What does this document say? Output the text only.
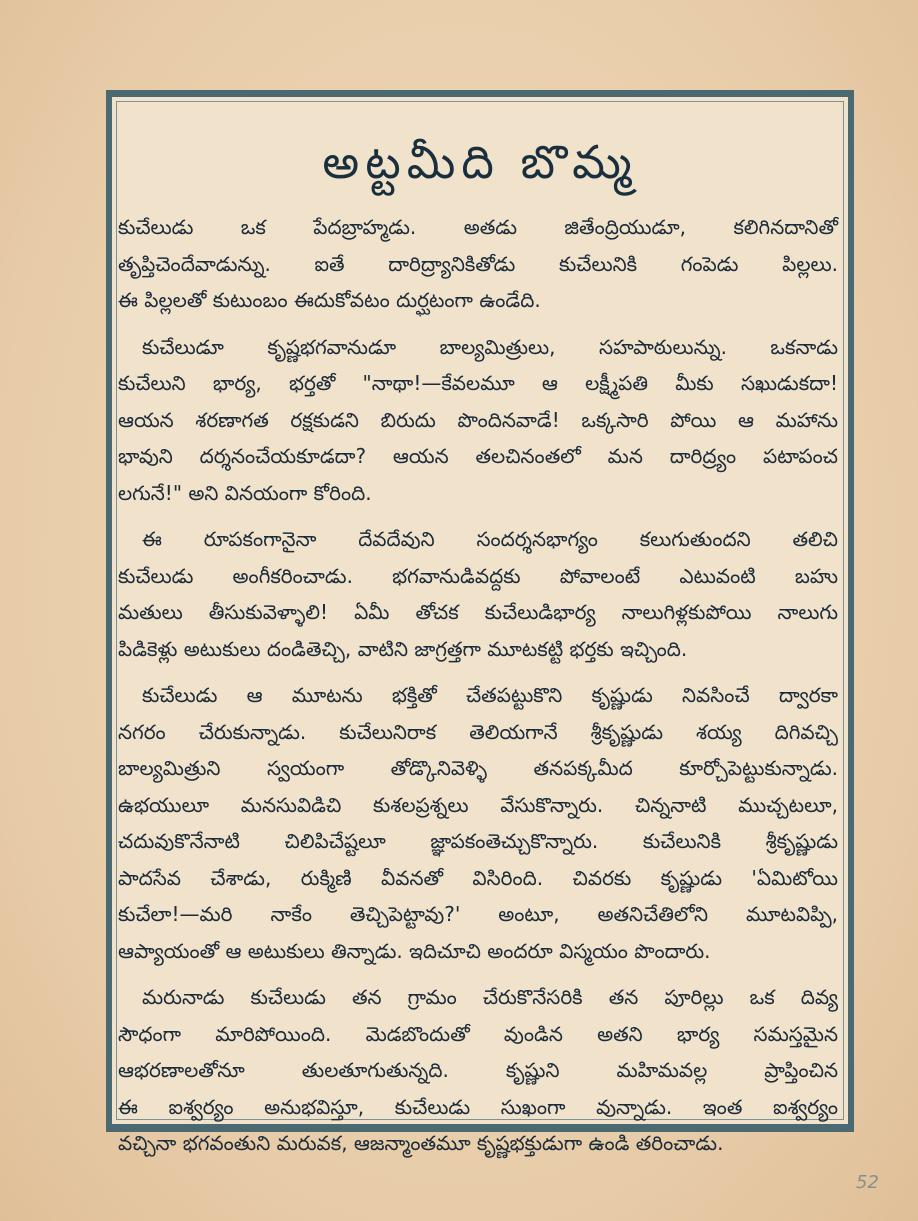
అట్టమీది బొమ్మ
కుచేలుడు ఒక పేదబ్రాహ్మడు. అతడు జితేంద్రియుడూ, కలిగినదానితో
తృప్తిచెందేవాడున్ను. ఐతే దారిద్ర్యానికితోడు కుచేలునికి గంపెడు పిల్లలు.
ఈ పిల్లలతో కుటుంబం ఈదుకోవటం దుర్ఘటంగా ఉండేది.
కుచేలుడూ కృష్ణభగవానుడూ బాల్యమిత్రులు, సహపాఠులున్ను. ఒకనాడు
కుచేలుని భార్య, భర్తతో "నాథా!—కేవలమూ ఆ లక్ష్మీపతి మీకు సఖుడుకదా!
ఆయన శరణాగత రక్షకుడని బిరుదు పొందినవాడే! ఒక్కసారి పోయి ఆ మహాను
భావుని దర్శనంచేయకూడదా? ఆయన తలచినంతలో మన దారిద్ర్యం పటాపంచ
లగునే!" అని వినయంగా కోరింది.
ఈ రూపకంగానైనా దేవదేవుని సందర్శనభాగ్యం కలుగుతుందని తలిచి
కుచేలుడు అంగీకరించాడు. భగవానుడివద్దకు పోవాలంటే ఎటువంటి బహు
మతులు తీసుకువెళ్ళాలి! ఏమీ తోచక కుచేలుడిభార్య నాలుగిళ్లకుపోయి నాలుగు
పిడికెళ్లు అటుకులు దండితెచ్చి, వాటిని జాగ్రత్తగా మూటకట్టి భర్తకు ఇచ్చింది.
కుచేలుడు ఆ మూటను భక్తితో చేతపట్టుకొని కృష్ణుడు నివసించే ద్వారకా
నగరం చేరుకున్నాడు. కుచేలునిరాక తెలియగానే శ్రీకృష్ణుడు శయ్య దిగివచ్చి
బాల్యమిత్రుని స్వయంగా తోడ్కొనివెళ్ళి తనపక్కమీద కూర్చోపెట్టుకున్నాడు.
ఉభయులూ మనసువిడిచి కుశలప్రశ్నలు వేసుకొన్నారు. చిన్ననాటి ముచ్చటలూ,
చదువుకొనేనాటి చిలిపిచేష్టలూ జ్ఞాపకంతెచ్చుకొన్నారు. కుచేలునికి శ్రీకృష్ణుడు
పాదసేవ చేశాడు, రుక్మిణి వీవనతో విసిరింది. చివరకు కృష్ణుడు 'ఏమిటోయి
కుచేలా!—మరి నాకేం తెచ్చిపెట్టావు?' అంటూ, అతనిచేతిలోని మూటవిప్పి,
ఆప్యాయంతో ఆ అటుకులు తిన్నాడు. ఇదిచూచి అందరూ విస్మయం పొందారు.
మరునాడు కుచేలుడు తన గ్రామం చేరుకొనేసరికి తన పూరిల్లు ఒక దివ్య
సౌధంగా మారిపోయింది. మెడబొందుతో వుండిన అతని భార్య సమస్తమైన
ఆభరణాలతోనూ తులతూగుతున్నది. కృష్ణుని మహిమవల్ల ప్రాప్తించిన
ఈ ఐశ్వర్యం అనుభవిస్తూ, కుచేలుడు సుఖంగా వున్నాడు. ఇంత ఐశ్వర్యం
వచ్చినా భగవంతుని మరువక, ఆజన్మాంతమూ కృష్ణభక్తుడుగా ఉండి తరించాడు.
52
